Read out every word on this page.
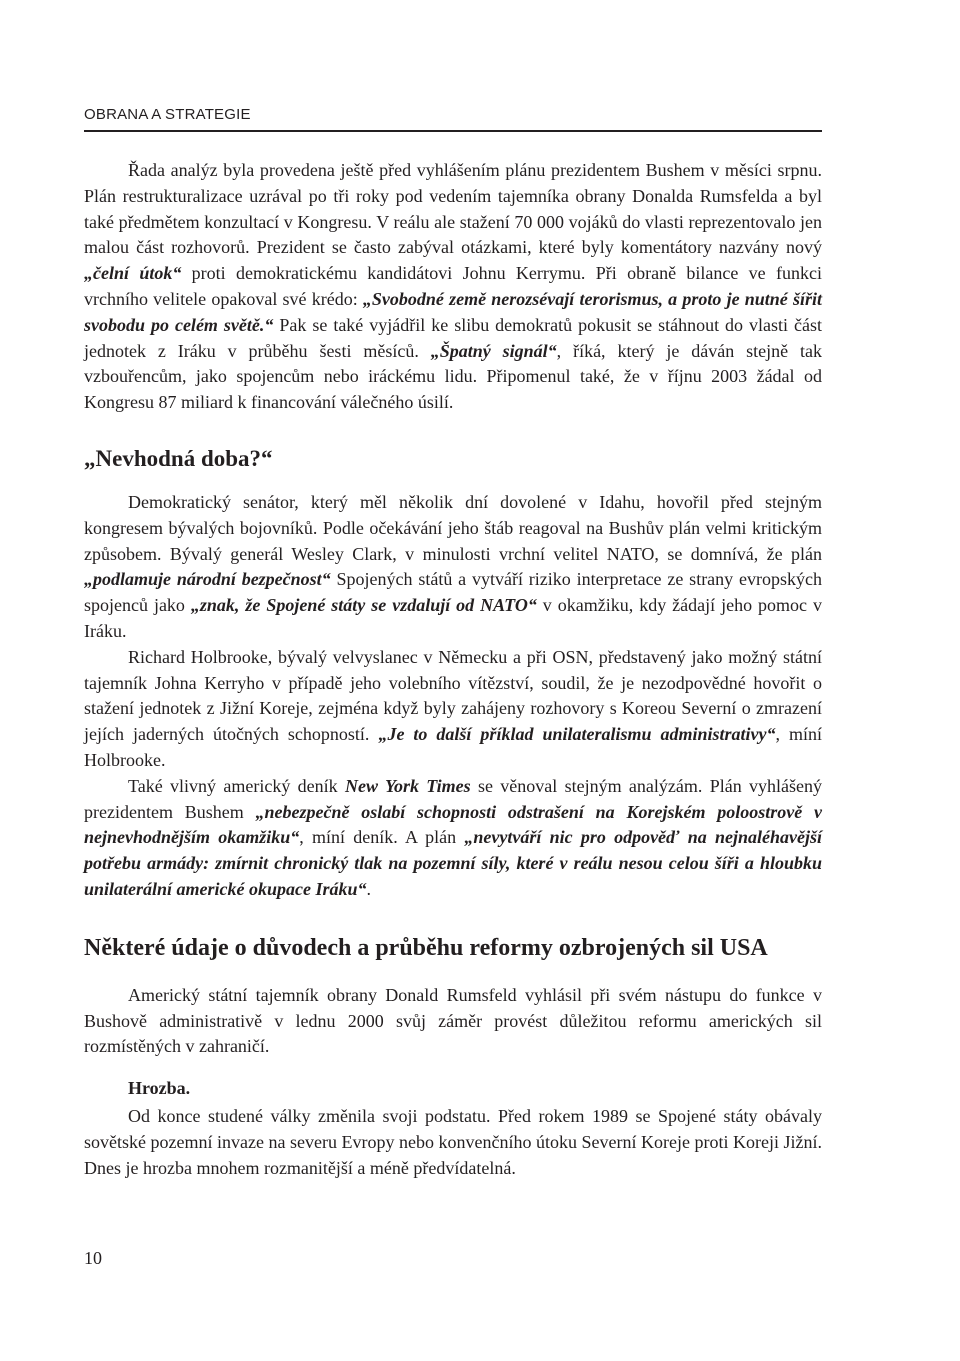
OBRANA A STRATEGIE

Řada analýz byla provedena ještě před vyhlášením plánu prezidentem Bushem v měsíci srpnu. Plán restrukturalizace uzrával po tři roky pod vedením tajemníka obrany Donalda Rumsfelda a byl také předmětem konzultací v Kongresu. V reálu ale stažení 70 000 vojáků do vlasti reprezentovalo jen malou část rozhovorů. Prezident se často zabýval otázkami, které byly komentátory nazvány nový „čelní útok“ proti demokratickému kandidátovi Johnu Kerrymu. Při obraně bilance ve funkci vrchního velitele opakoval své krédo: „Svobodné země nerozsévají terorismus, a proto je nutné šířit svobodu po celém světě.“ Pak se také vyjádřil ke slibu demokratů pokusit se stáhnout do vlasti část jednotek z Iráku v průběhu šesti měsíců. „Špatný signál“, říká, který je dáván stejně tak vzbouřencům, jako spojencům nebo iráckému lidu. Připomenul také, že v říjnu 2003 žádal od Kongresu 87 miliard k financování válečného úsilí.

„Nevhodná doba?“

Demokratický senátor, který měl několik dní dovolené v Idahu, hovořil před stejným kongresem bývalých bojovníků. Podle očekávání jeho štáb reagoval na Bushův plán velmi kritickým způsobem. Bývalý generál Wesley Clark, v minulosti vrchní velitel NATO, se domnívá, že plán „podlamuje národní bezpečnost“ Spojených států a vytváří riziko interpretace ze strany evropských spojenců jako „znak, že Spojené státy se vzdalují od NATO“ v okamžiku, kdy žádají jeho pomoc v Iráku.

Richard Holbrooke, bývalý velvyslanec v Německu a při OSN, představený jako možný státní tajemník Johna Kerryho v případě jeho volebního vítězství, soudil, že je nezodpovědné hovořit o stažení jednotek z Jižní Koreje, zejména když byly zahájeny rozhovory s Koreou Severní o zmrazení jejích jaderných útočných schopností. „Je to další příklad unilateralismu administrativy“, míní Holbrooke.

Také vlivný americký deník New York Times se věnoval stejným analýzám. Plán vyhlášený prezidentem Bushem „nebezpečně oslabí schopnosti odstrašení na Korejském poloostrově v nejnevhodnějším okamžiku“, míní deník. A plán „nevytváří nic pro odpověď na nejnaléhavější potřebu armády: zmírnit chronický tlak na pozemní síly, které v reálu nesou celou šíři a hloubku unilaterální americké okupace Iráku“.

Některé údaje o důvodech a průběhu reformy ozbrojených sil USA

Americký státní tajemník obrany Donald Rumsfeld vyhlásil při svém nástupu do funkce v Bushově administrativě v lednu 2000 svůj záměr provést důležitou reformu amerických sil rozmístěných v zahraničí.

Hrozba.

Od konce studené války změnila svoji podstatu. Před rokem 1989 se Spojené státy obávaly sovětské pozemní invaze na severu Evropy nebo konvenčního útoku Severní Koreje proti Koreji Jižní. Dnes je hrozba mnohem rozmanitější a méně předvídatelná.

10
